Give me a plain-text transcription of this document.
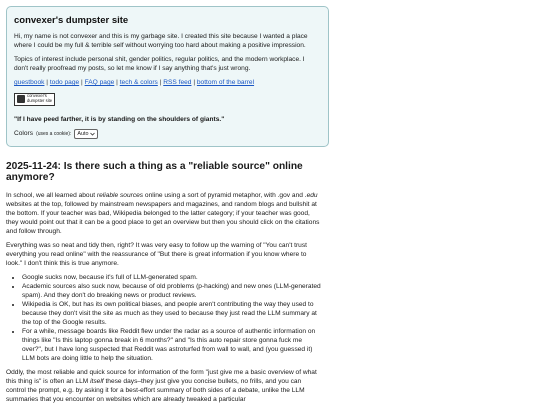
convexer's dumpster site

Hi, my name is not convexer and this is my garbage site. I created this site because I wanted a place where I could be my full & terrible self without worrying too hard about making a positive impression.

Topics of interest include personal shit, gender politics, regular politics, and the modern workplace. I don't really proofread my posts, so let me know if I say anything that's just wrong.

guestbook | todo page | FAQ page | tech & colors | RSS feed | bottom of the barrel
convexer's
dumpster site
"If I have peed farther, it is by standing on the shoulders of giants."
Colors (uses a cookie): Auto
2025-11-24: Is there such a thing as a "reliable source" online anymore?

In school, we all learned about reliable sources online using a sort of pyramid metaphor, with .gov and .edu websites at the top, followed by mainstream newspapers and magazines, and random blogs and bullshit at the bottom. If your teacher was bad, Wikipedia belonged to the latter category; if your teacher was good, they would point out that it can be a good place to get an overview but then you should click on the citations and follow through.

Everything was so neat and tidy then, right? It was very easy to follow up the warning of "You can't trust everything you read online" with the reassurance of "But there is great information if you know where to look." I don't think this is true anymore.

• Google sucks now, because it's full of LLM-generated spam.
• Academic sources also suck now, because of old problems (p-hacking) and new ones (LLM-generated spam). And they don't do breaking news or product reviews.
• Wikipedia is OK, but has its own political biases, and people aren't contributing the way they used to because they don't visit the site as much as they used to because they just read the LLM summary at the top of the Google results.
• For a while, message boards like Reddit flew under the radar as a source of authentic information on things like "Is this laptop gonna break in 6 months?" and "Is this auto repair store gonna fuck me over?", but I have long suspected that Reddit was astroturfed from wall to wall, and (you guessed it) LLM bots are doing little to help the situation.

Oddly, the most reliable and quick source for information of the form "just give me a basic overview of what this thing is" is often an LLM itself these days–they just give you concise bullets, no frills, and you can control the prompt, e.g. by asking it for a best-effort summary of both sides of a debate, unlike the LLM summaries that you encounter on websites which are already tweaked a particular
